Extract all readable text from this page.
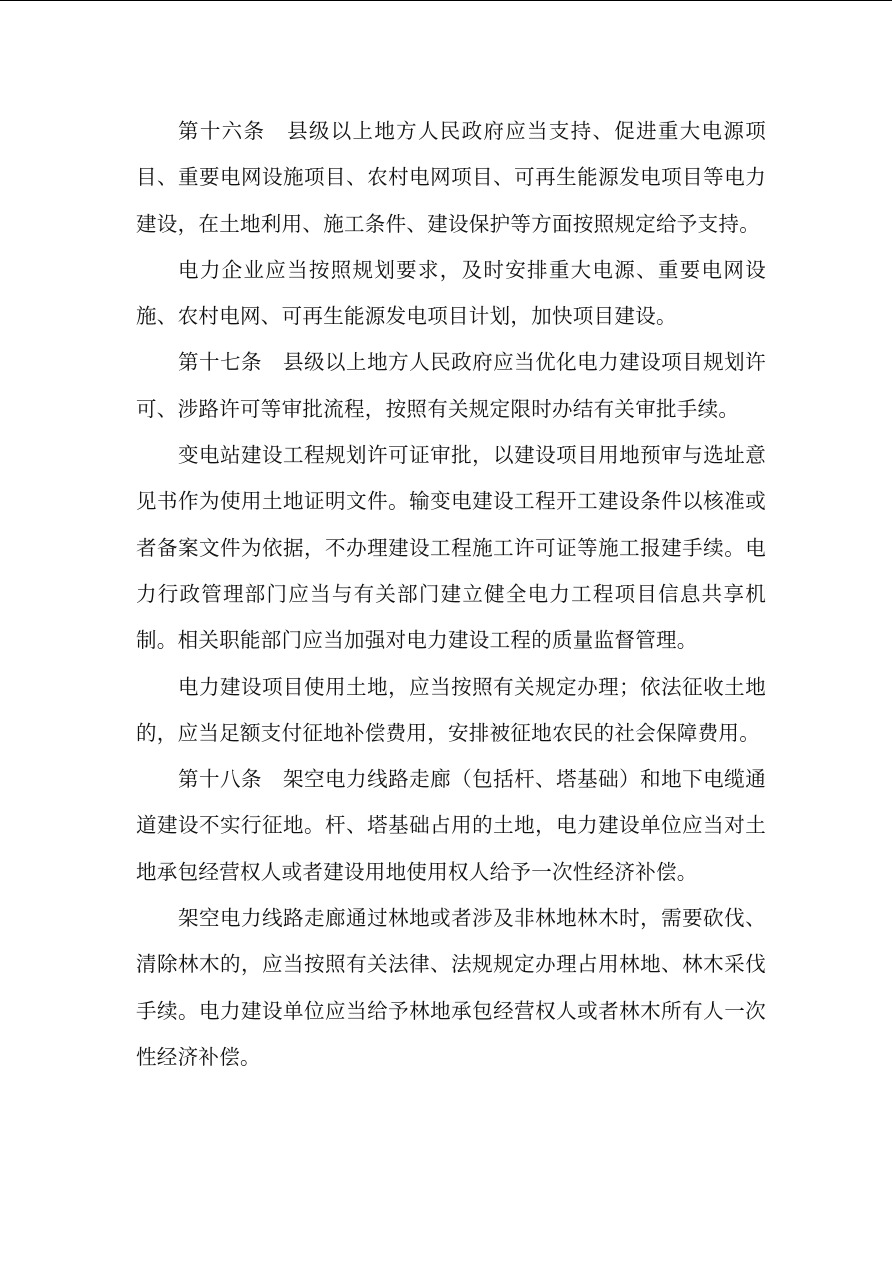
第十六条　县级以上地方人民政府应当支持、促进重大电源项目、重要电网设施项目、农村电网项目、可再生能源发电项目等电力建设，在土地利用、施工条件、建设保护等方面按照规定给予支持。

电力企业应当按照规划要求，及时安排重大电源、重要电网设施、农村电网、可再生能源发电项目计划，加快项目建设。

第十七条　县级以上地方人民政府应当优化电力建设项目规划许可、涉路许可等审批流程，按照有关规定限时办结有关审批手续。

变电站建设工程规划许可证审批，以建设项目用地预审与选址意见书作为使用土地证明文件。输变电建设工程开工建设条件以核准或者备案文件为依据，不办理建设工程施工许可证等施工报建手续。电力行政管理部门应当与有关部门建立健全电力工程项目信息共享机制。相关职能部门应当加强对电力建设工程的质量监督管理。

电力建设项目使用土地，应当按照有关规定办理；依法征收土地的，应当足额支付征地补偿费用，安排被征地农民的社会保障费用。

第十八条　架空电力线路走廊（包括杆、塔基础）和地下电缆通道建设不实行征地。杆、塔基础占用的土地，电力建设单位应当对土地承包经营权人或者建设用地使用权人给予一次性经济补偿。

架空电力线路走廊通过林地或者涉及非林地林木时，需要砍伐、清除林木的，应当按照有关法律、法规规定办理占用林地、林木采伐手续。电力建设单位应当给予林地承包经营权人或者林木所有人一次性经济补偿。
